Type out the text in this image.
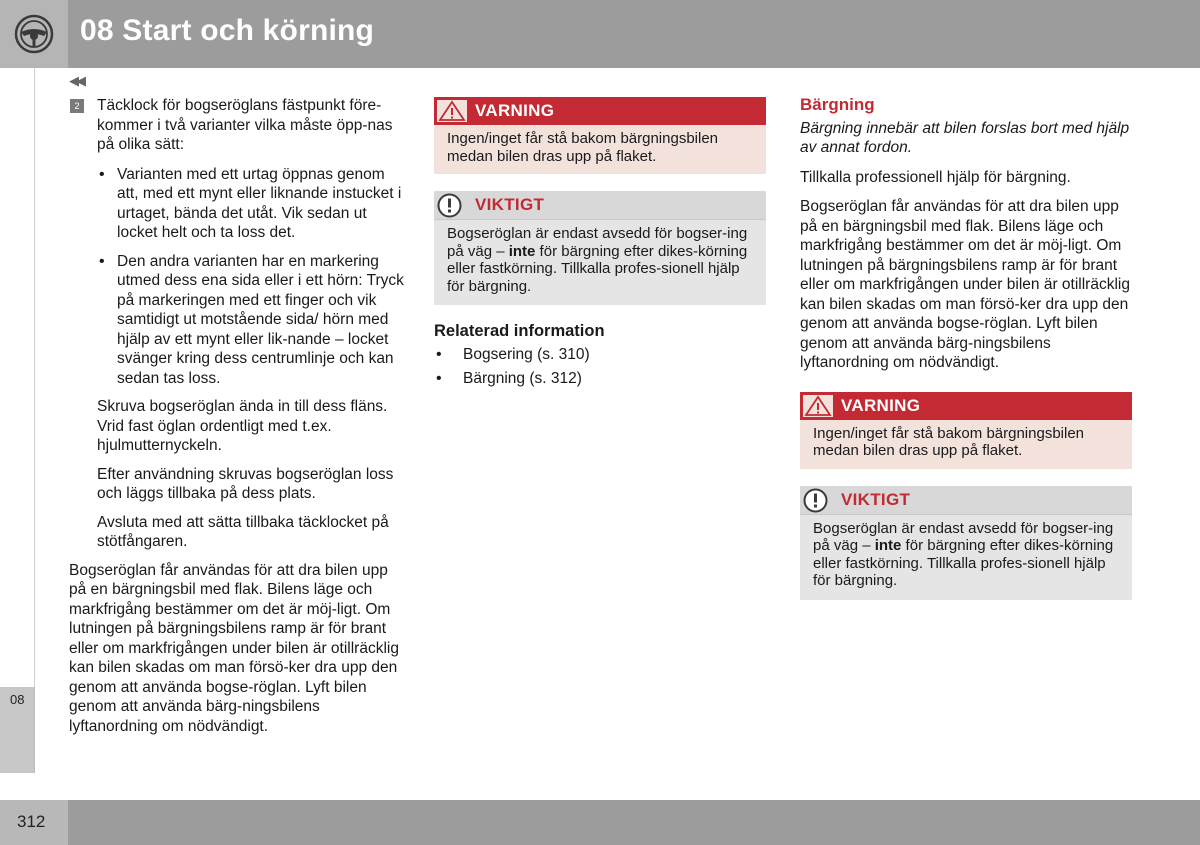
08 Start och körning
08
◀◀
2 Täcklock för bogseröglans fästpunkt före-kommer i två varianter vilka måste öpp-nas på olika sätt:
• Varianten med ett urtag öppnas genom att, med ett mynt eller liknande instucket i urtaget, bända det utåt. Vik sedan ut locket helt och ta loss det.
• Den andra varianten har en markering utmed dess ena sida eller i ett hörn: Tryck på markeringen med ett finger och vik samtidigt ut motstående sida/ hörn med hjälp av ett mynt eller lik-nande – locket svänger kring dess centrumlinje och kan sedan tas loss.

Skruva bogseröglan ända in till dess fläns. Vrid fast öglan ordentligt med t.ex. hjulmutternyckeln.

Efter användning skruvas bogseröglan loss och läggs tillbaka på dess plats.

Avsluta med att sätta tillbaka täcklocket på stötfångaren.

Bogseröglan får användas för att dra bilen upp på en bärgningsbil med flak. Bilens läge och markfrigång bestämmer om det är möj-ligt. Om lutningen på bärgningsbilens ramp är för brant eller om markfrigången under bilen är otillräcklig kan bilen skadas om man försö-ker dra upp den genom att använda bogse-röglan. Lyft bilen genom att använda bärg-ningsbilens lyftanordning om nödvändigt.

VARNING
Ingen/inget får stå bakom bärgningsbilen medan bilen dras upp på flaket.
VIKTIGT
Bogseröglan är endast avsedd för bogser-ing på väg – inte för bärgning efter dikes-körning eller fastkörning. Tillkalla profes-sionell hjälp för bärgning.
Relaterad information
• Bogsering (s. 310)
• Bärgning (s. 312)
Bärgning

Bärgning innebär att bilen forslas bort med hjälp av annat fordon.

Tillkalla professionell hjälp för bärgning.

Bogseröglan får användas för att dra bilen upp på en bärgningsbil med flak. Bilens läge och markfrigång bestämmer om det är möj-ligt. Om lutningen på bärgningsbilens ramp är för brant eller om markfrigången under bilen är otillräcklig kan bilen skadas om man försö-ker dra upp den genom att använda bogse-röglan. Lyft bilen genom att använda bärg-ningsbilens lyftanordning om nödvändigt.

VARNING
Ingen/inget får stå bakom bärgningsbilen medan bilen dras upp på flaket.
VIKTIGT
Bogseröglan är endast avsedd för bogser-ing på väg – inte för bärgning efter dikes-körning eller fastkörning. Tillkalla profes-sionell hjälp för bärgning.
312
